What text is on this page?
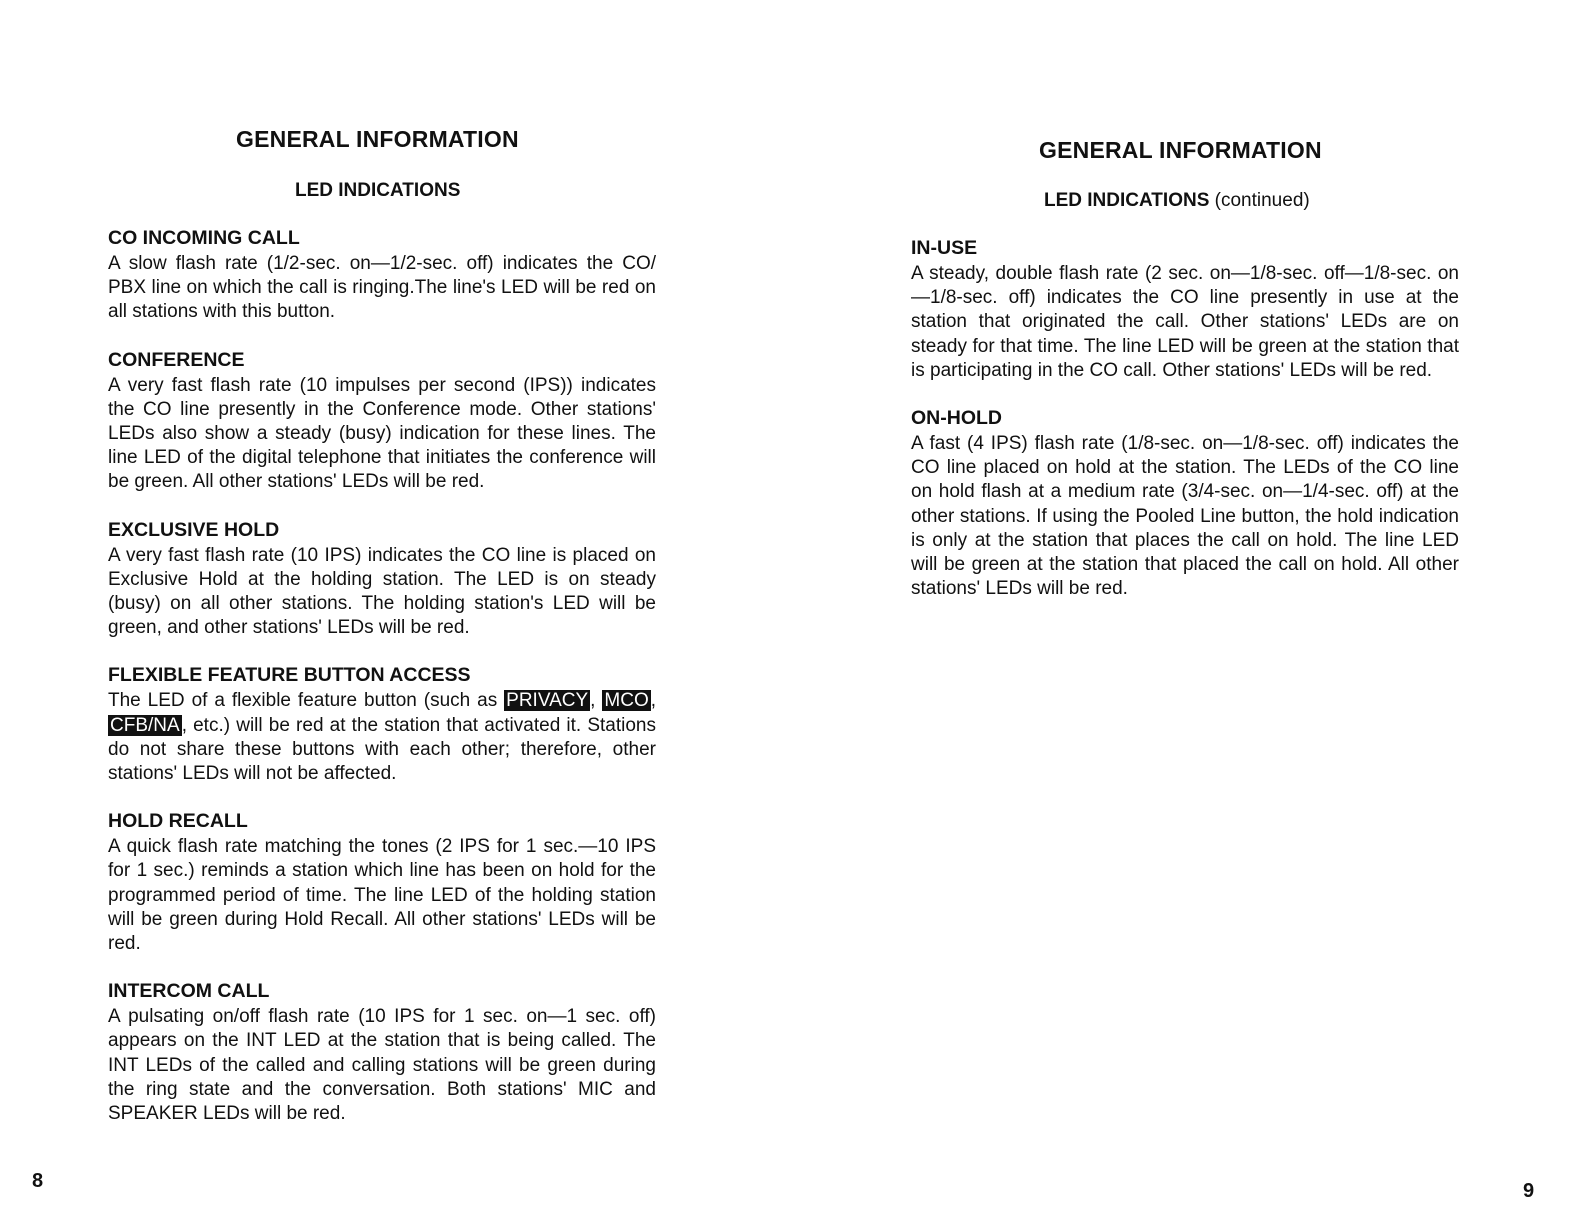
GENERAL INFORMATION
LED INDICATIONS
CO INCOMING CALL

A slow flash rate (1/2-sec. on—1/2-sec. off) indicates the CO/ PBX line on which the call is ringing.The line's LED will be red on all stations with this button.

CONFERENCE

A very fast flash rate (10 impulses per second (IPS)) indicates the CO line presently in the Conference mode. Other stations' LEDs also show a steady (busy) indication for these lines. The line LED of the digital telephone that initiates the conference will be green. All other stations' LEDs will be red.

EXCLUSIVE HOLD

A very fast flash rate (10 IPS) indicates the CO line is placed on Exclusive Hold at the holding station. The LED is on steady (busy) on all other stations. The holding station's LED will be green, and other stations' LEDs will be red.

FLEXIBLE FEATURE BUTTON ACCESS

The LED of a flexible feature button (such as PRIVACY , MCO , CFB/NA , etc.) will be red at the station that activated it. Stations do not share these buttons with each other; therefore, other stations' LEDs will not be affected.

HOLD RECALL

A quick flash rate matching the tones (2 IPS for 1 sec.—10 IPS for 1 sec.) reminds a station which line has been on hold for the programmed period of time. The line LED of the holding station will be green during Hold Recall. All other stations' LEDs will be red.

INTERCOM CALL

A pulsating on/off flash rate (10 IPS for 1 sec. on—1 sec. off) appears on the INT LED at the station that is being called. The INT LEDs of the called and calling stations will be green during the ring state and the conversation. Both stations' MIC and SPEAKER LEDs will be red.

8
GENERAL INFORMATION
LED INDICATIONS (continued)
IN-USE

A steady, double flash rate (2 sec. on—1/8-sec. off—1/8-sec. on—1/8-sec. off) indicates the CO line presently in use at the station that originated the call. Other stations' LEDs are on steady for that time. The line LED will be green at the station that is participating in the CO call. Other stations' LEDs will be red.

ON-HOLD

A fast (4 IPS) flash rate (1/8-sec. on—1/8-sec. off) indicates the CO line placed on hold at the station. The LEDs of the CO line on hold flash at a medium rate (3/4-sec. on—1/4-sec. off) at the other stations. If using the Pooled Line button, the hold indication is only at the station that places the call on hold. The line LED will be green at the station that placed the call on hold. All other stations' LEDs will be red.

9
